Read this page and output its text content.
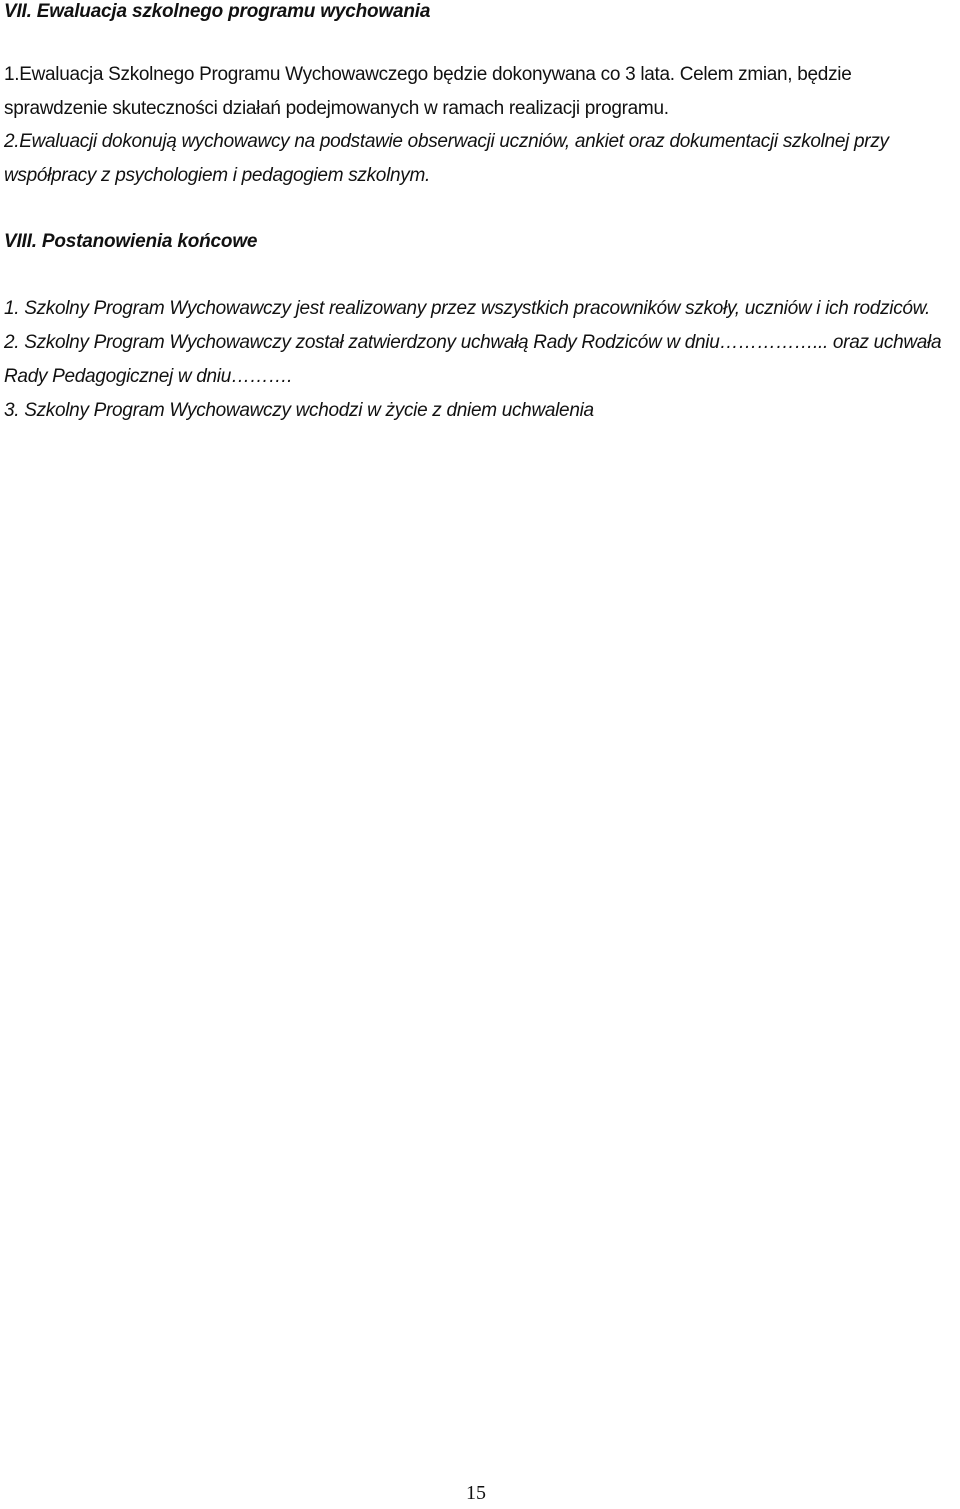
VII. Ewaluacja szkolnego programu wychowania

1.Ewaluacja Szkolnego Programu Wychowawczego będzie dokonywana co 3 lata. Celem zmian, będzie sprawdzenie skuteczności działań podejmowanych w ramach realizacji programu.

2.Ewaluacji dokonują wychowawcy na podstawie obserwacji uczniów, ankiet oraz dokumentacji szkolnej przy współpracy z psychologiem i pedagogiem szkolnym.

VIII. Postanowienia końcowe
1. Szkolny Program Wychowawczy jest realizowany przez wszystkich pracowników szkoły, uczniów i ich rodziców.
2. Szkolny Program Wychowawczy został zatwierdzony uchwałą Rady Rodziców w dniu……………... oraz uchwała Rady Pedagogicznej w dniu……….
3. Szkolny Program Wychowawczy wchodzi w życie z dniem uchwalenia
15
